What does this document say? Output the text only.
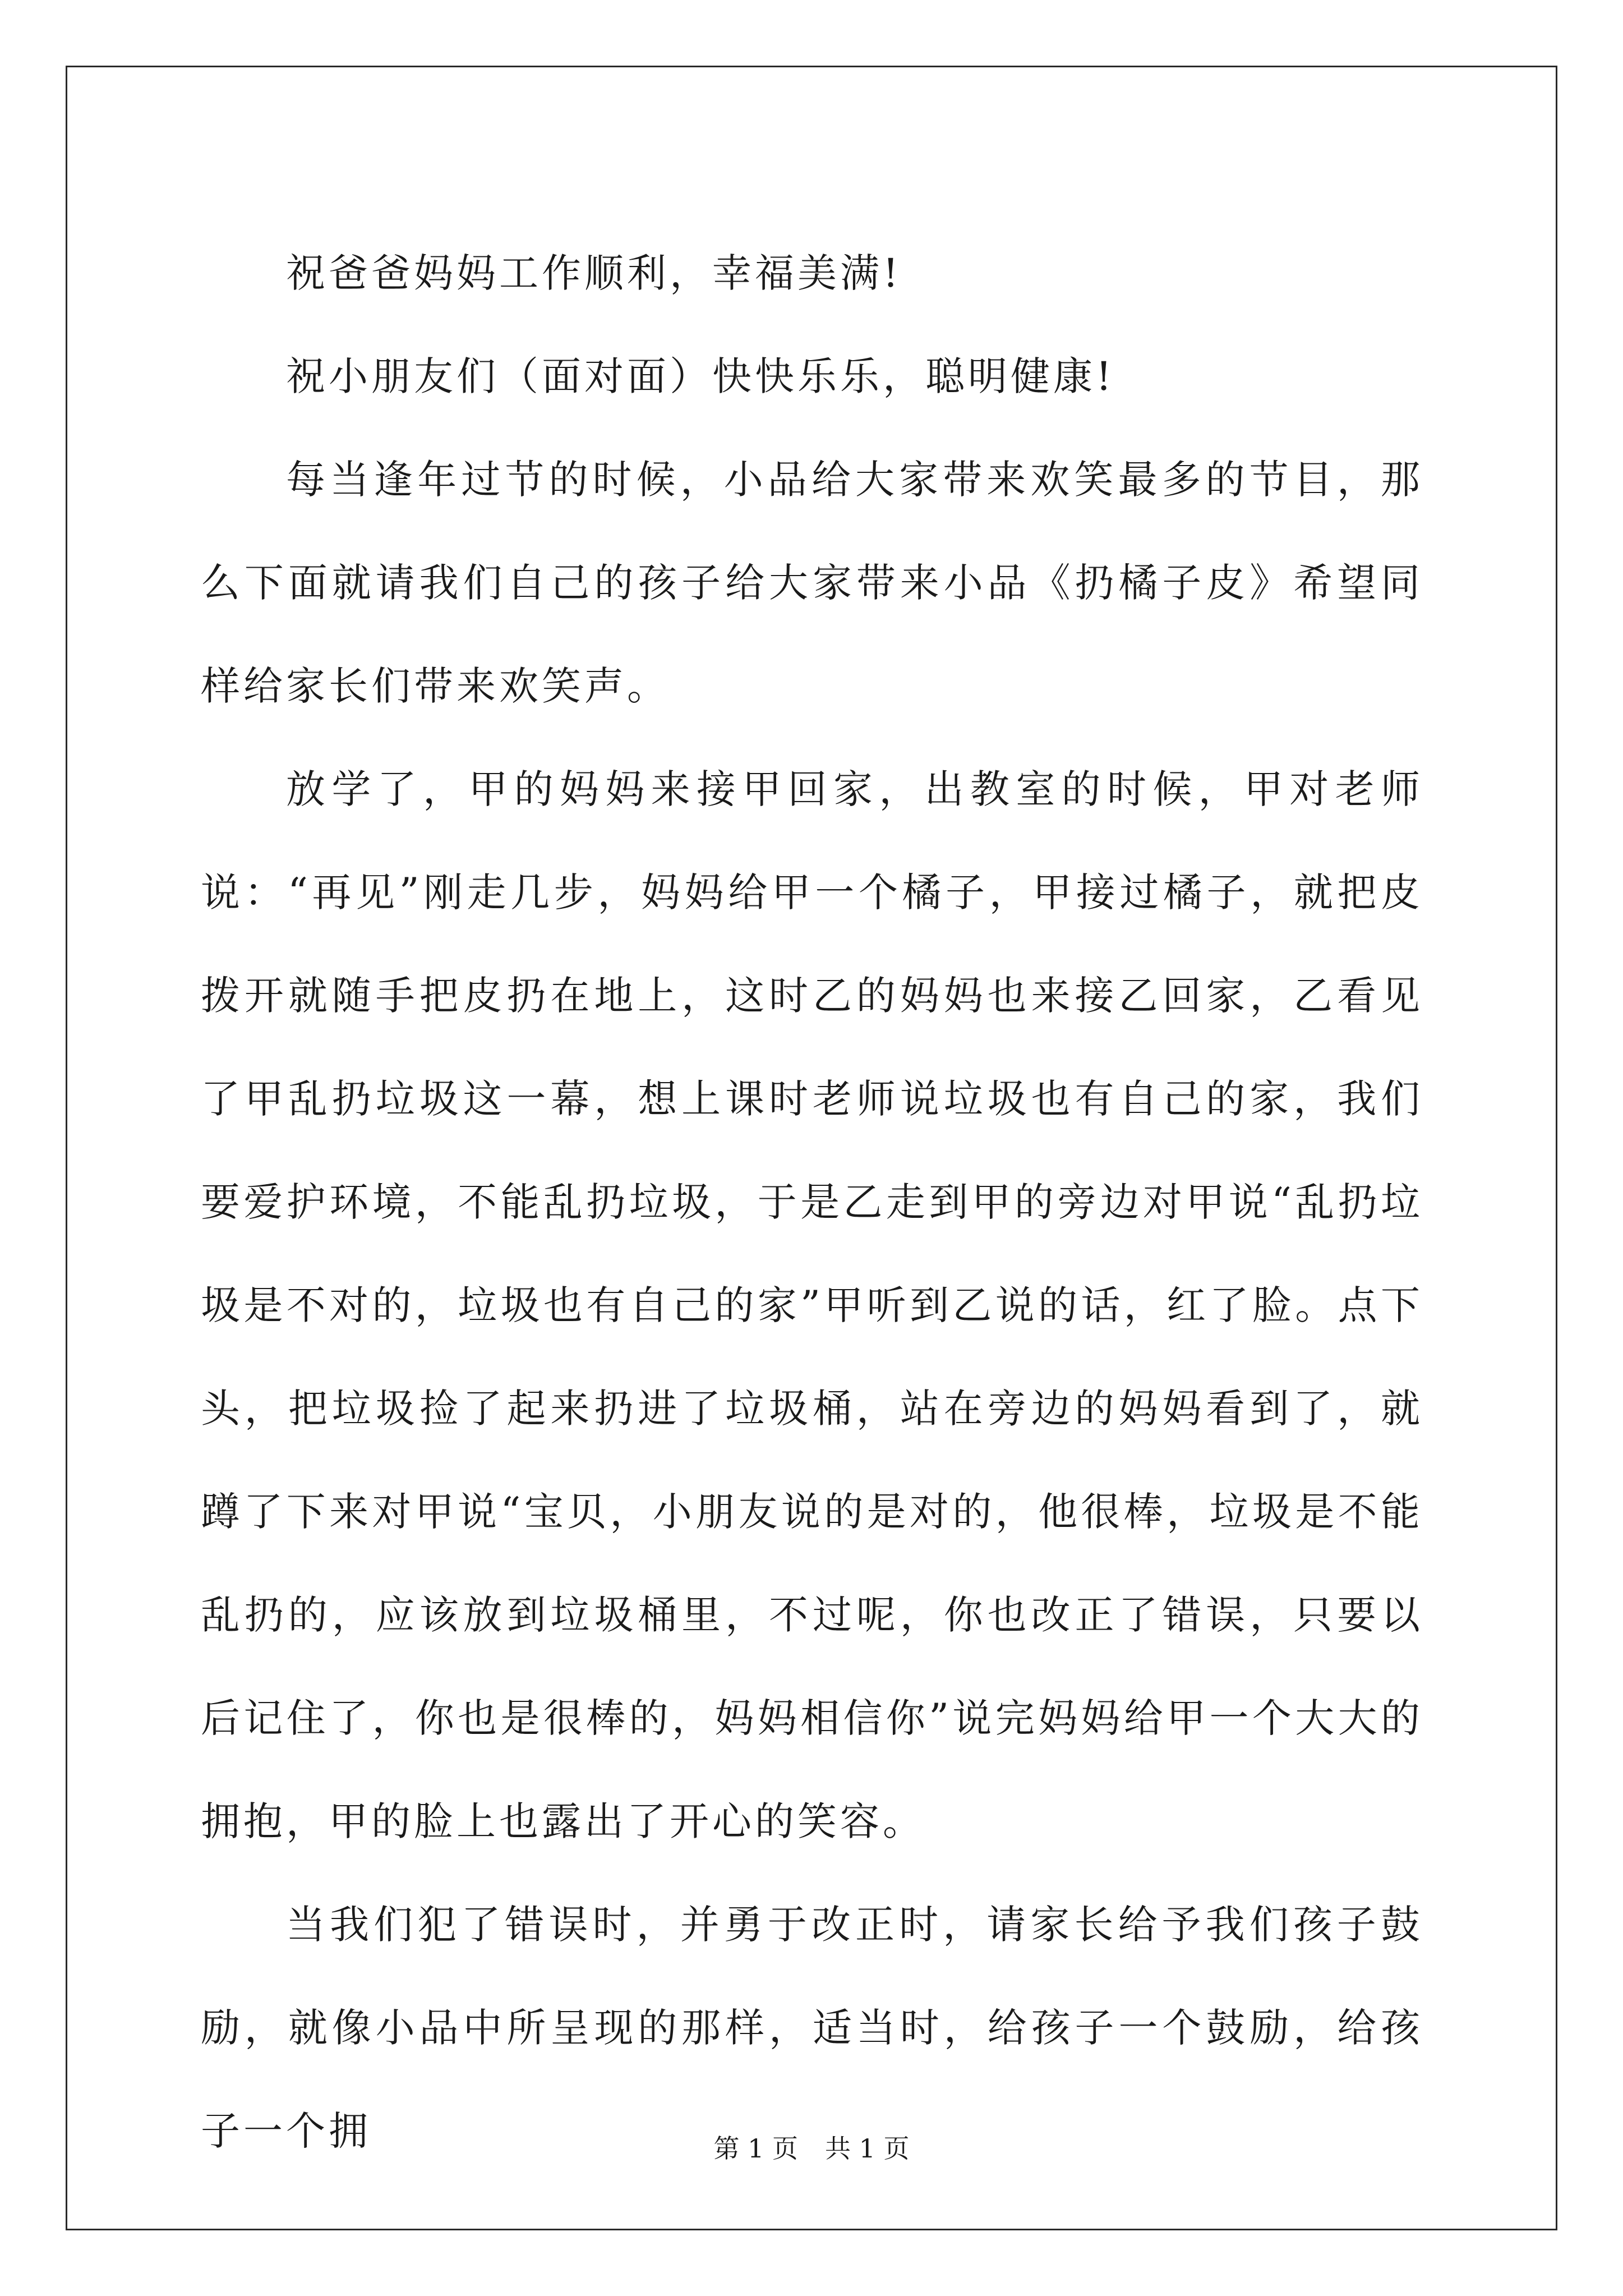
祝爸爸妈妈工作顺利，幸福美满!

祝小朋友们（面对面）快快乐乐，聪明健康!

每当逢年过节的时候，小品给大家带来欢笑最多的节目，那么下面就请我们自己的孩子给大家带来小品《扔橘子皮》希望同样给家长们带来欢笑声。

放学了，甲的妈妈来接甲回家，出教室的时候，甲对老师说：“再见”刚走几步，妈妈给甲一个橘子，甲接过橘子，就把皮拨开就随手把皮扔在地上，这时乙的妈妈也来接乙回家，乙看见了甲乱扔垃圾这一幕，想上课时老师说垃圾也有自己的家，我们要爱护环境，不能乱扔垃圾，于是乙走到甲的旁边对甲说“乱扔垃圾是不对的，垃圾也有自己的家”甲听到乙说的话，红了脸。点下头，把垃圾捡了起来扔进了垃圾桶，站在旁边的妈妈看到了，就蹲了下来对甲说“宝贝，小朋友说的是对的，他很棒，垃圾是不能乱扔的，应该放到垃圾桶里，不过呢，你也改正了错误，只要以后记住了，你也是很棒的，妈妈相信你”说完妈妈给甲一个大大的拥抱，甲的脸上也露出了开心的笑容。

当我们犯了错误时，并勇于改正时，请家长给予我们孩子鼓励，就像小品中所呈现的那样，适当时，给孩子一个鼓励，给孩子一个拥	第 1 页 共 1 页
